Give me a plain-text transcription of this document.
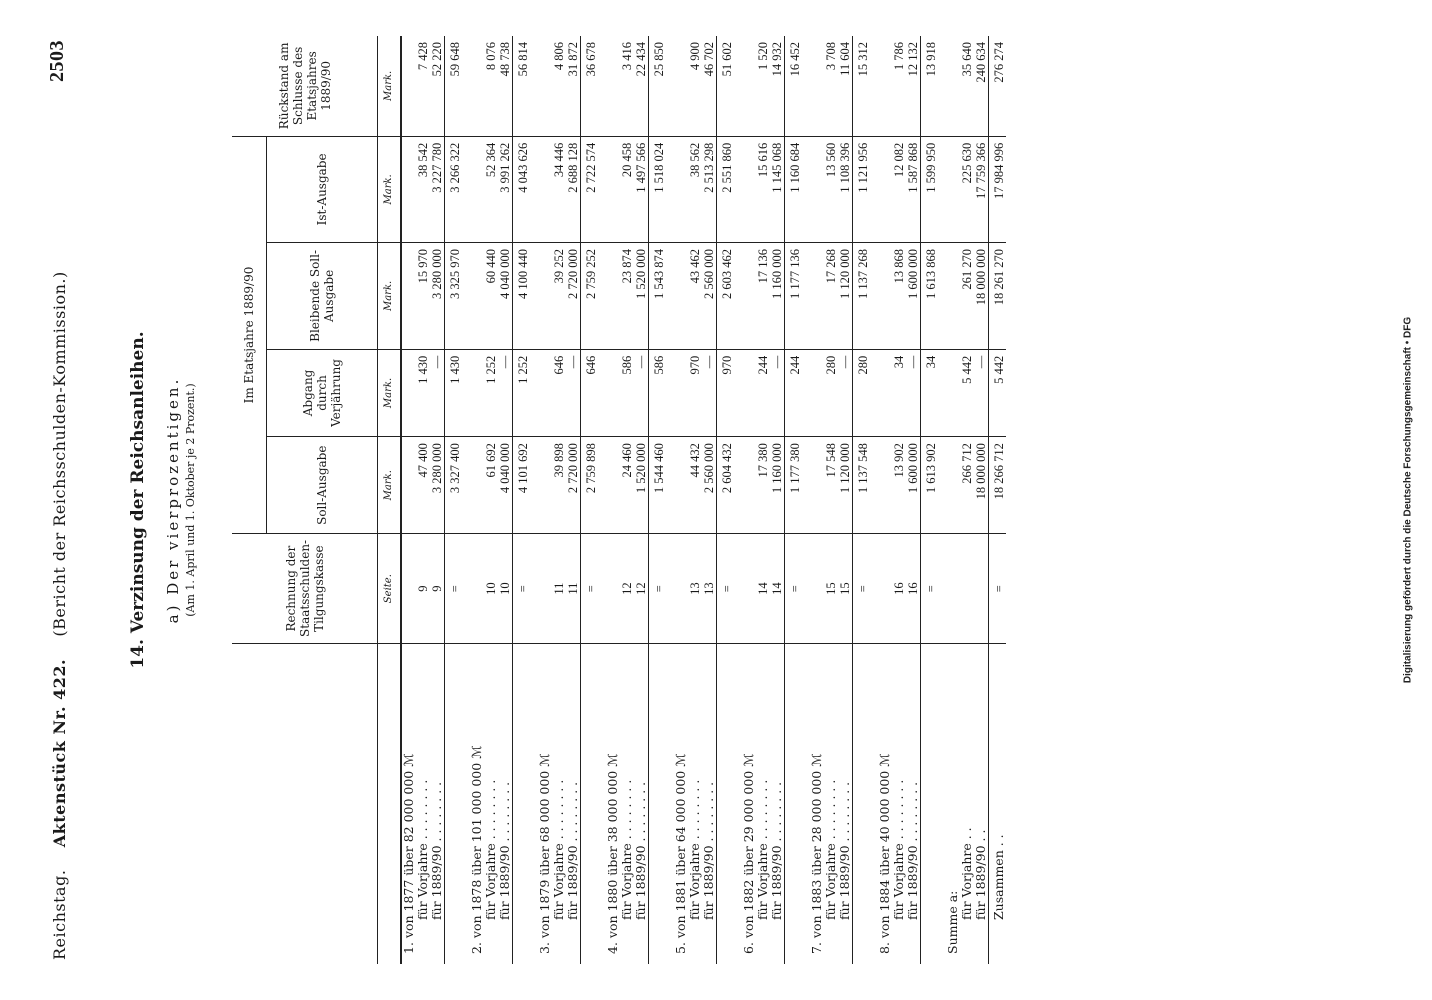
Reichstag.    Aktenstück Nr. 422.    (Bericht der Reichsschulden-Kommission.)
2503
14. Verzinsung der Reichsanleihen. a) Der vierprozentigen. (Am 1. April und 1. Oktober je 2 Prozent.)
		Rechnung der Staatsschulden-Tilgungskasse	Im Etatsjahre 1889/90				Rückstand am Schlusse des Etatsjahres 1889/90
		Soll-Ausgabe	Abgang durch Verjährung	Bleibende Soll-Ausgabe	Ist-Ausgabe	
	Seite.	Mark.	Mark.	Mark.	Mark.	Mark.
1. von 1877 über 82 000 000 ℳ						
für Vorjahre . . . . . . . .	9	47 400	1 430	15 970	38 542	7 428
für 1889/90 . . . . . . . .	9	3 280 000	—	3 280 000	3 227 780	52 220
	=	3 327 400	1 430	3 325 970	3 266 322	59 648

2. von 1878 über 101 000 000 ℳ						
für Vorjahre . . . . . . . .	10	61 692	1 252	60 440	52 364	8 076
für 1889/90 . . . . . . . .	10	4 040 000	—	4 040 000	3 991 262	48 738
	=	4 101 692	1 252	4 100 440	4 043 626	56 814

3. von 1879 über 68 000 000 ℳ						
für Vorjahre . . . . . . . .	11	39 898	646	39 252	34 446	4 806
für 1889/90 . . . . . . . .	11	2 720 000	—	2 720 000	2 688 128	31 872
	=	2 759 898	646	2 759 252	2 722 574	36 678

4. von 1880 über 38 000 000 ℳ						
für Vorjahre . . . . . . . .	12	24 460	586	23 874	20 458	3 416
für 1889/90 . . . . . . . .	12	1 520 000	—	1 520 000	1 497 566	22 434
	=	1 544 460	586	1 543 874	1 518 024	25 850

5. von 1881 über 64 000 000 ℳ						
für Vorjahre . . . . . . . .	13	44 432	970	43 462	38 562	4 900
für 1889/90 . . . . . . . .	13	2 560 000	—	2 560 000	2 513 298	46 702
	=	2 604 432	970	2 603 462	2 551 860	51 602

6. von 1882 über 29 000 000 ℳ						
für Vorjahre . . . . . . . .	14	17 380	244	17 136	15 616	1 520
für 1889/90 . . . . . . . .	14	1 160 000	—	1 160 000	1 145 068	14 932
	=	1 177 380	244	1 177 136	1 160 684	16 452

7. von 1883 über 28 000 000 ℳ						
für Vorjahre . . . . . . . .	15	17 548	280	17 268	13 560	3 708
für 1889/90 . . . . . . . .	15	1 120 000	—	1 120 000	1 108 396	11 604
	=	1 137 548	280	1 137 268	1 121 956	15 312

8. von 1884 über 40 000 000 ℳ						
für Vorjahre . . . . . . . .	16	13 902	34	13 868	12 082	1 786
für 1889/90 . . . . . . . .	16	1 600 000	—	1 600 000	1 587 868	12 132
	=	1 613 902	34	1 613 868	1 599 950	13 918

Summe a:						
für Vorjahre . .		266 712	5 442	261 270	225 630	35 640
für 1889/90 . .		18 000 000	—	18 000 000	17 759 366	240 634
Zusammen . .	=	18 266 712	5 442	18 261 270	17 984 996	276 274
Digitalisierung gefördert durch die Deutsche Forschungsgemeinschaft • DFG
